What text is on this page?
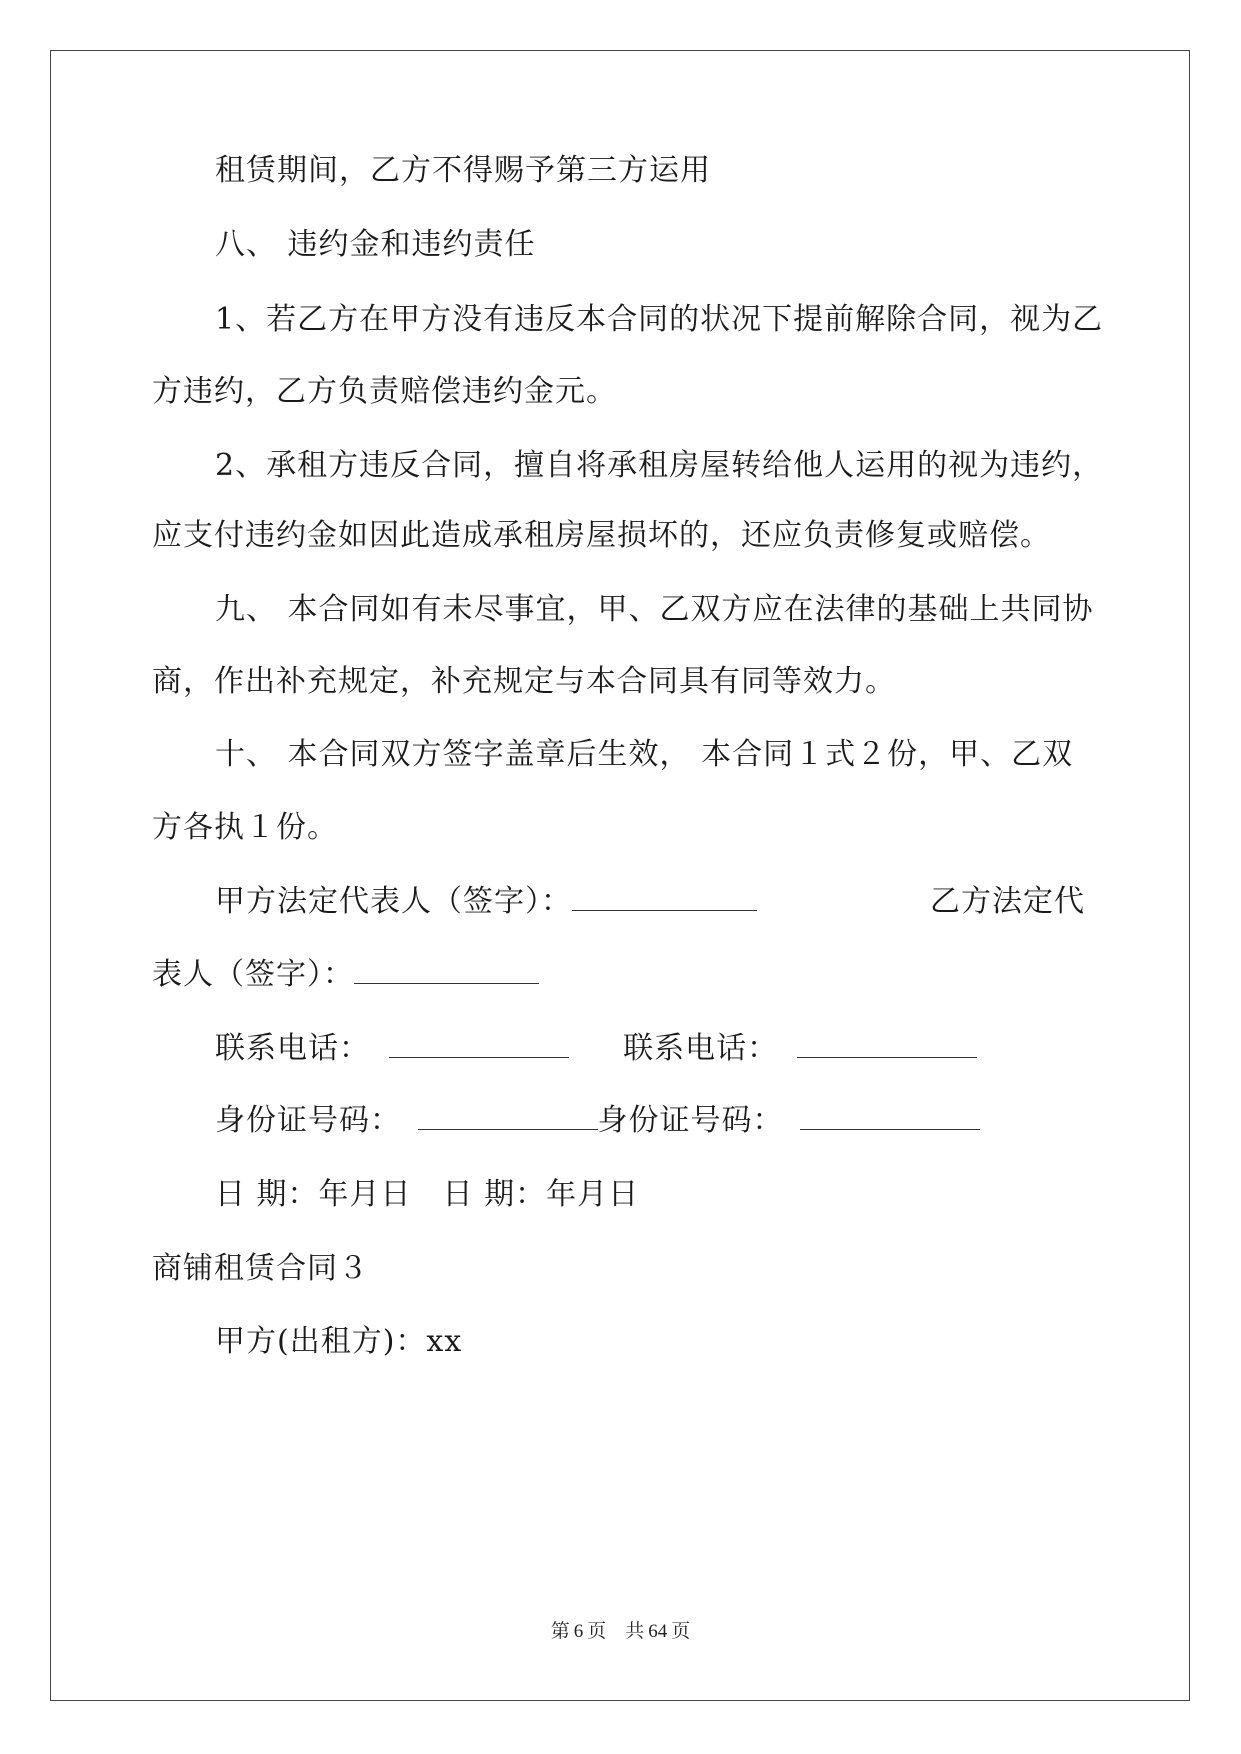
租赁期间，乙方不得赐予第三方运用
八、 违约金和违约责任
1、若乙方在甲方没有违反本合同的状况下提前解除合同，视为乙
方违约，乙方负责赔偿违约金元。
2、承租方违反合同，擅自将承租房屋转给他人运用的视为违约，
应支付违约金如因此造成承租房屋损坏的，还应负责修复或赔偿。
九、 本合同如有未尽事宜，甲、乙双方应在法律的基础上共同协
商，作出补充规定，补充规定与本合同具有同等效力。
十、 本合同双方签字盖章后生效， 本合同１式２份，甲、乙双
方各执１份。
甲方法定代表人（签字）：	乙方法定代
表人（签字）：
联系电话：	联系电话：
身份证号码：	身份证号码：
日 期：年月日　日 期：年月日
商铺租赁合同３
甲方(出租方)：xx
第 6 页　共 64 页
